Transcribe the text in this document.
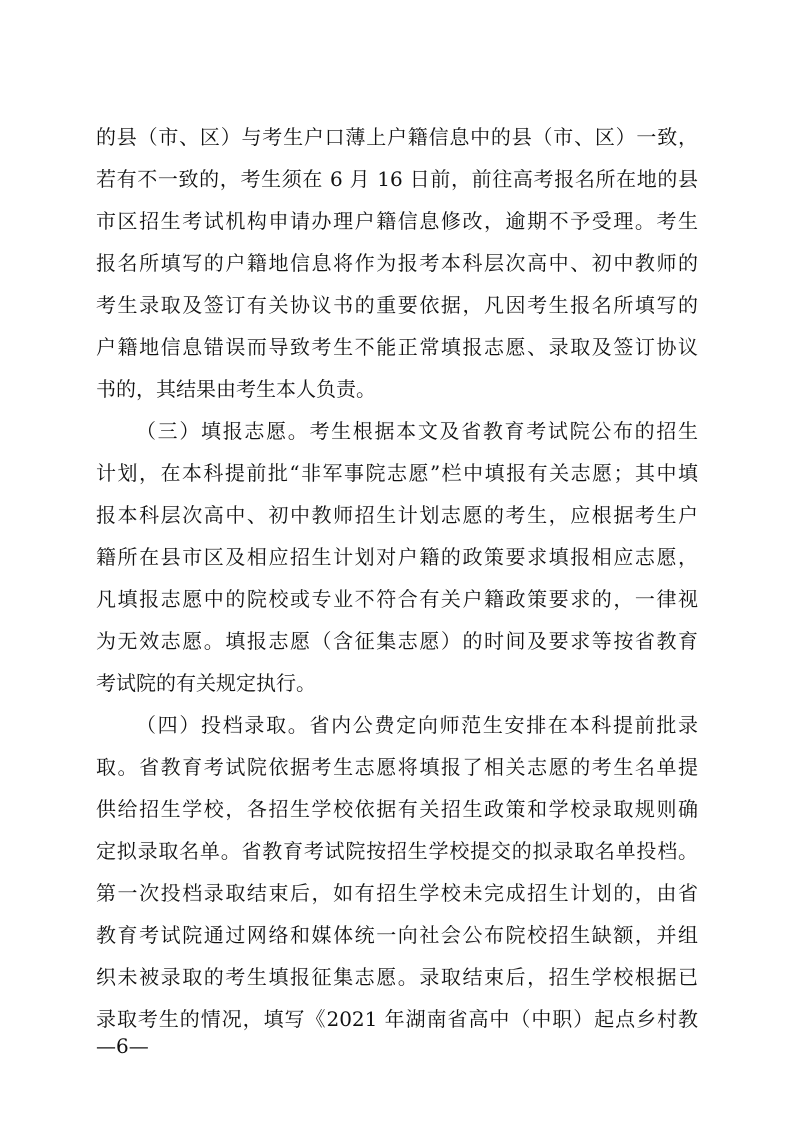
的县（市、区）与考生户口薄上户籍信息中的县（市、区）一致，
若有不一致的，考生须在 6 月 16 日前，前往高考报名所在地的县
市区招生考试机构申请办理户籍信息修改，逾期不予受理。考生
报名所填写的户籍地信息将作为报考本科层次高中、初中教师的
考生录取及签订有关协议书的重要依据，凡因考生报名所填写的
户籍地信息错误而导致考生不能正常填报志愿、录取及签订协议
书的，其结果由考生本人负责。
（三）填报志愿。考生根据本文及省教育考试院公布的招生
计划，在本科提前批“非军事院志愿”栏中填报有关志愿；其中填
报本科层次高中、初中教师招生计划志愿的考生，应根据考生户
籍所在县市区及相应招生计划对户籍的政策要求填报相应志愿，
凡填报志愿中的院校或专业不符合有关户籍政策要求的，一律视
为无效志愿。填报志愿（含征集志愿）的时间及要求等按省教育
考试院的有关规定执行。
（四）投档录取。省内公费定向师范生安排在本科提前批录
取。省教育考试院依据考生志愿将填报了相关志愿的考生名单提
供给招生学校，各招生学校依据有关招生政策和学校录取规则确
定拟录取名单。省教育考试院按招生学校提交的拟录取名单投档。
第一次投档录取结束后，如有招生学校未完成招生计划的，由省
教育考试院通过网络和媒体统一向社会公布院校招生缺额，并组
织未被录取的考生填报征集志愿。录取结束后，招生学校根据已
录取考生的情况，填写《2021 年湖南省高中（中职）起点乡村教
—6—
